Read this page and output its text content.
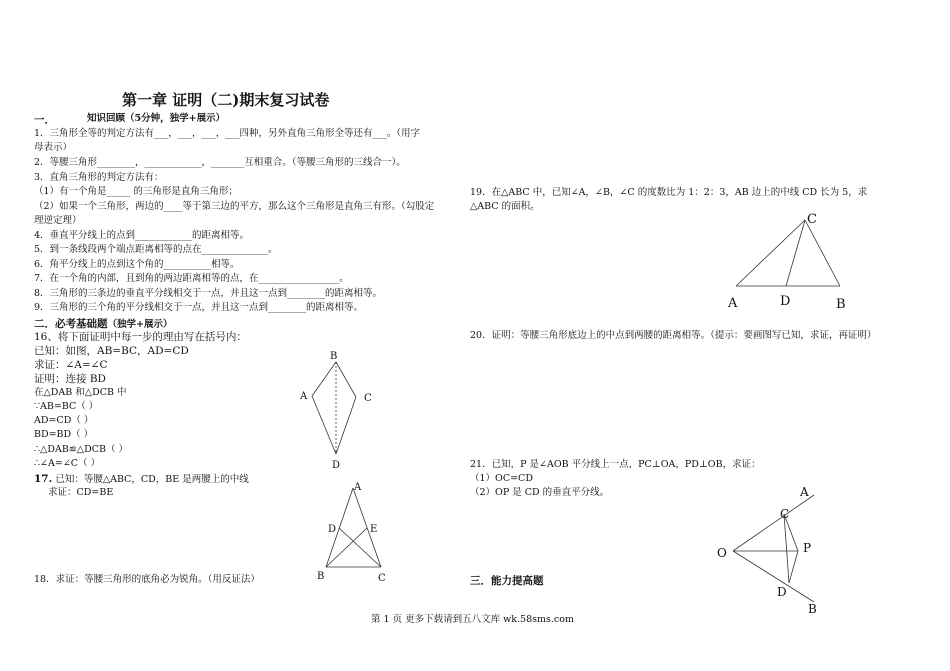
第一章 证明（二)期末复习试卷
一．	知识回顾（5分钟，独学+展示）
1．三角形全等的判定方法有___，___，___，___四种，另外直角三角形全等还有___。（用字
母表示）
2．等腰三角形________，____________，_______互相重合。（等腰三角形的三线合一）。
3．直角三角形的判定方法有：
（1）有一个角是_____ 的三角形是直角三角形；
（2）如果一个三角形，两边的____等于第三边的平方，那么这个三角形是直角三有形。（勾股定
理逆定理）
4．垂直平分线上的点到____________的距离相等。
5．到一条线段两个端点距离相等的点在______________。
6．角平分线上的点到这个角的__________相等。
7．在一个角的内部，且到角的两边距离相等的点，在_________________。
8．三角形的三条边的垂直平分线相交于一点，并且这一点到________的距离相等。
9．三角形的三个角的平分线相交于一点，并且这一点到________的距离相等。
二．必考基础题（独学+展示）
16、将下面证明中每一步的理由写在括号内：
已知：如图，AB=BC，AD=CD
求证：∠A=∠C
证明：连接 BD
在△DAB 和△DCB 中
∵AB=BC（ ）
AD=CD（ ）
BD=BD（ ）
∴△DAB≌△DCB（ ）
∴∠A=∠C（ ）
17. 已知：等腰△ABC，CD，BE 是两腰上的中线
求证：CD=BE
18．求证：等腰三角形的底角必为锐角。（用反证法）
B
A	C
D
A
D	E
B	C
19．在△ABC 中，已知∠A，∠B，∠C 的度数比为 1：2：3，AB 边上的中线 CD 长为 5，求
△ABC 的面积。
C
A	D	B
20．证明：等腰三角形底边上的中点到两腰的距离相等。（提示：要画图写已知，求证，再证明）
21．已知，P 是∠AOB 平分线上一点，PC⊥OA，PD⊥OB，求证：
（1）OC=CD
（2）OP 是 CD 的垂直平分线。
三．能力提高题
A
C
O	P
D
B
第 1 页 更多下载请到五八文库 wk.58sms.com
